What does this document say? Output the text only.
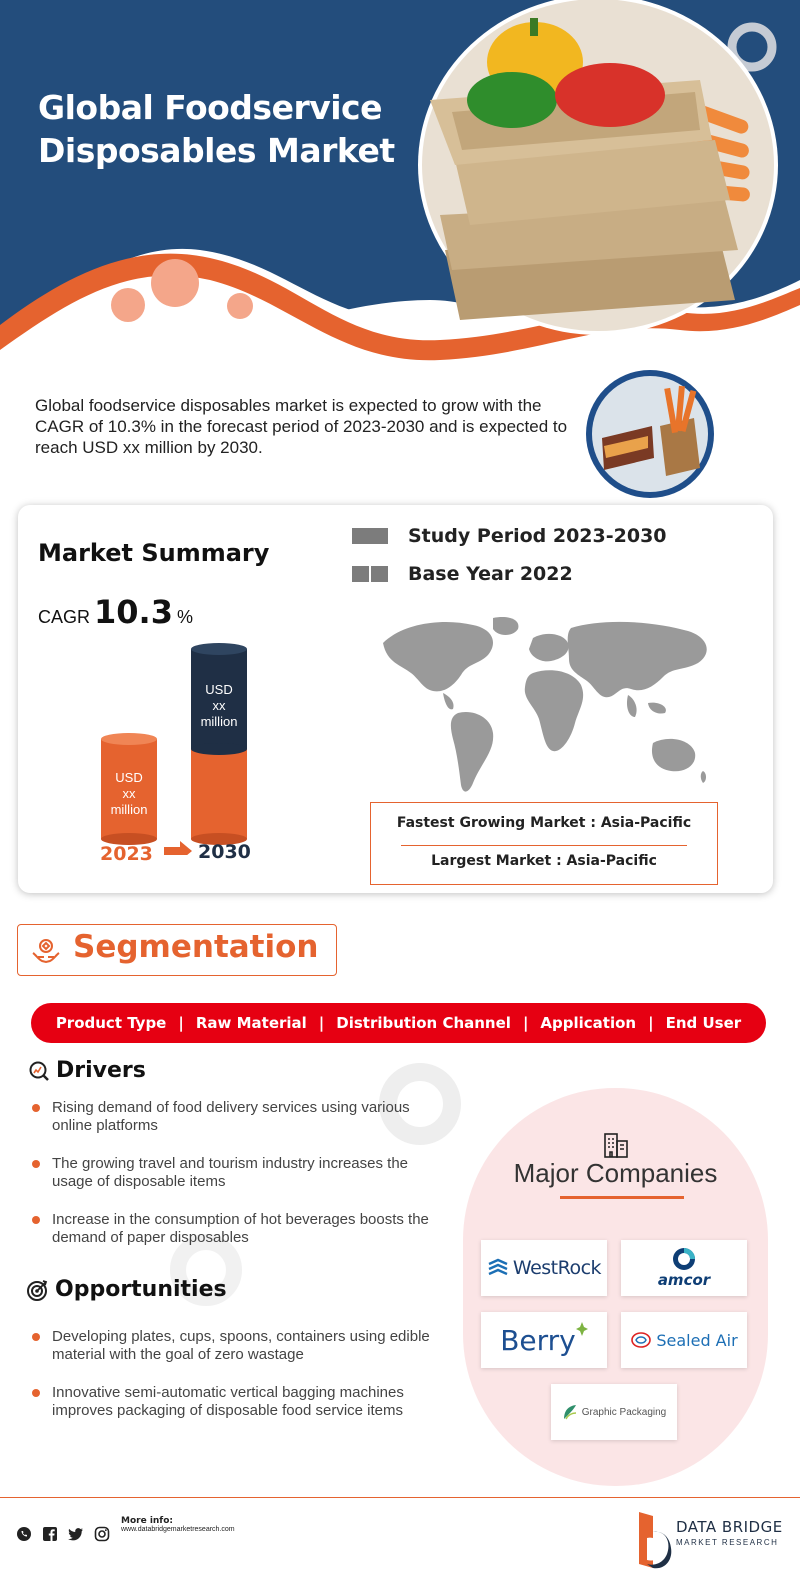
Global Foodservice
Disposables Market

Global foodservice disposables market is expected to grow with the CAGR of 10.3% in the forecast period of 2023-2030 and is expected to reach USD xx million by 2030.

Market Summary
CAGR 10.3 %
USD
xx
million
USD
xx
million
2023 2030
Study Period 2023-2030
Base Year 2022
Fastest Growing Market : Asia-Pacific
Largest Market : Asia-Pacific
Segmentation
Product Type | Raw Material | Distribution Channel | Application | End User
Drivers
Rising demand of food delivery services using various online platforms
The growing travel and tourism industry increases the usage of disposable items
Increase in the consumption of hot beverages boosts the demand of paper disposables
Opportunities
Developing plates, cups, spoons, containers using edible material with the goal of zero wastage
Innovative semi-automatic vertical bagging machines improves packaging of disposable food service items
Major Companies
WestRock
amcor
Berry	Sealed Air
Graphic Packaging
More info:
www.databridgemarketresearch.com	DATA BRIDGE
MARKET RESEARCH
